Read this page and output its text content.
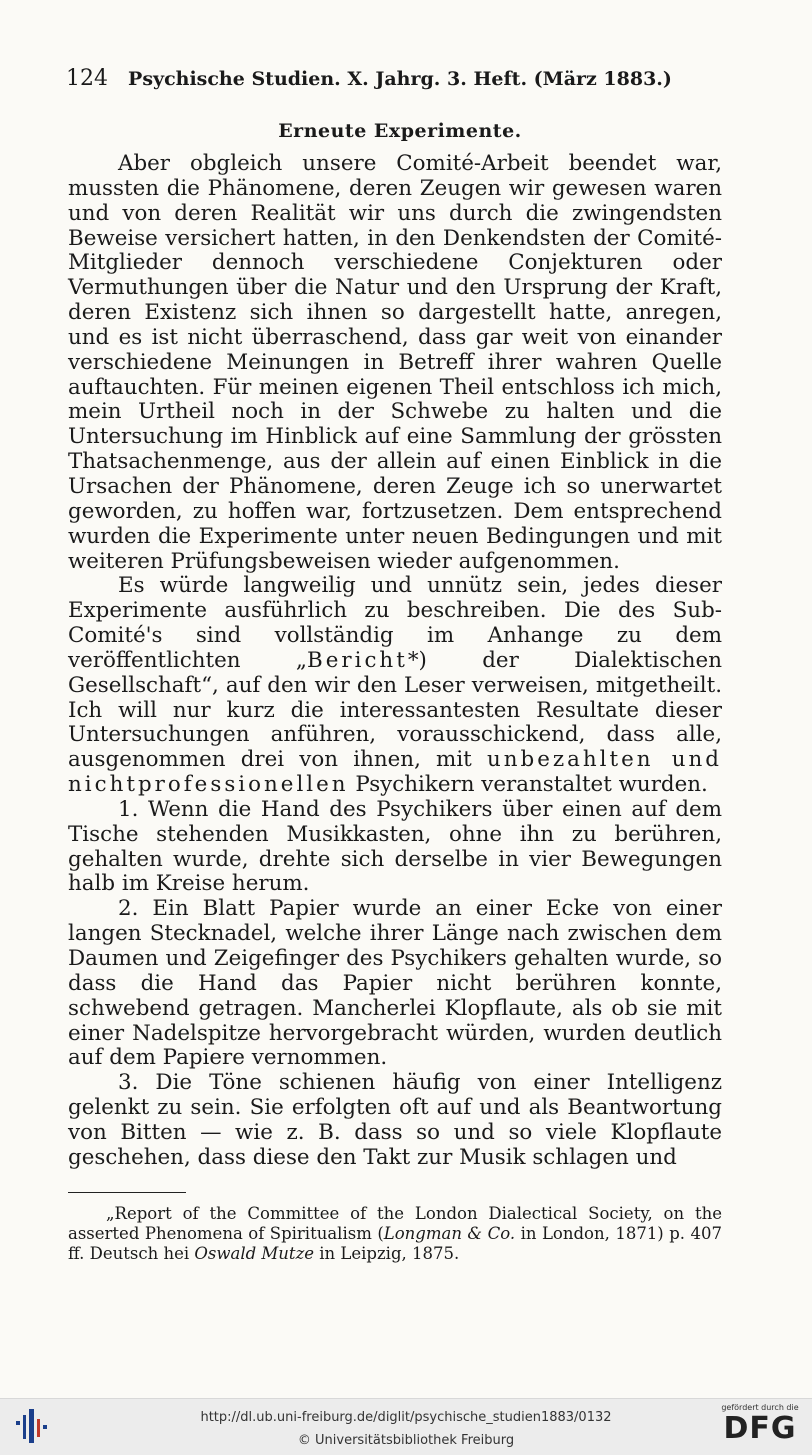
124 Psychische Studien. X. Jahrg. 3. Heft. (März 1883.)
Erneute Experimente.

Aber obgleich unsere Comité-Arbeit beendet war, mussten die Phänomene, deren Zeugen wir gewesen waren und von deren Realität wir uns durch die zwingendsten Beweise versichert hatten, in den Denkendsten der Comité-Mitglieder dennoch verschiedene Conjekturen oder Vermuthungen über die Natur und den Ursprung der Kraft, deren Existenz sich ihnen so dargestellt hatte, anregen, und es ist nicht überraschend, dass gar weit von einander verschiedene Meinungen in Betreff ihrer wahren Quelle auftauchten. Für meinen eigenen Theil entschloss ich mich, mein Urtheil noch in der Schwebe zu halten und die Untersuchung im Hinblick auf eine Sammlung der grössten Thatsachenmenge, aus der allein auf einen Einblick in die Ursachen der Phänomene, deren Zeuge ich so unerwartet geworden, zu hoffen war, fortzusetzen. Dem entsprechend wurden die Experimente unter neuen Bedingungen und mit weiteren Prüfungsbeweisen wieder aufgenommen.

Es würde langweilig und unnütz sein, jedes dieser Experimente ausführlich zu beschreiben. Die des Sub-Comité's sind vollständig im Anhange zu dem veröffentlichten „Bericht*) der Dialektischen Gesellschaft“, auf den wir den Leser verweisen, mitgetheilt. Ich will nur kurz die interessantesten Resultate dieser Untersuchungen anführen, vorausschickend, dass alle, ausgenommen drei von ihnen, mit unbezahlten und nichtprofessionellen Psychikern veranstaltet wurden.

1. Wenn die Hand des Psychikers über einen auf dem Tische stehenden Musikkasten, ohne ihn zu berühren, gehalten wurde, drehte sich derselbe in vier Bewegungen halb im Kreise herum.

2. Ein Blatt Papier wurde an einer Ecke von einer langen Stecknadel, welche ihrer Länge nach zwischen dem Daumen und Zeigefinger des Psychikers gehalten wurde, so dass die Hand das Papier nicht berühren konnte, schwebend getragen. Mancherlei Klopflaute, als ob sie mit einer Nadelspitze hervorgebracht würden, wurden deutlich auf dem Papiere vernommen.

3. Die Töne schienen häufig von einer Intelligenz gelenkt zu sein. Sie erfolgten oft auf und als Beantwortung von Bitten — wie z. B. dass so und so viele Klopflaute geschehen, dass diese den Takt zur Musik schlagen und

„Report of the Committee of the London Dialectical Society, on the asserted Phenomena of Spiritualism (Longman & Co. in London, 1871) p. 407 ff. Deutsch hei Oswald Mutze in Leipzig, 1875.

http://dl.ub.uni-freiburg.de/diglit/psychische_studien1883/0132
© Universitätsbibliothek Freiburg
gefördert durch die
DFG
